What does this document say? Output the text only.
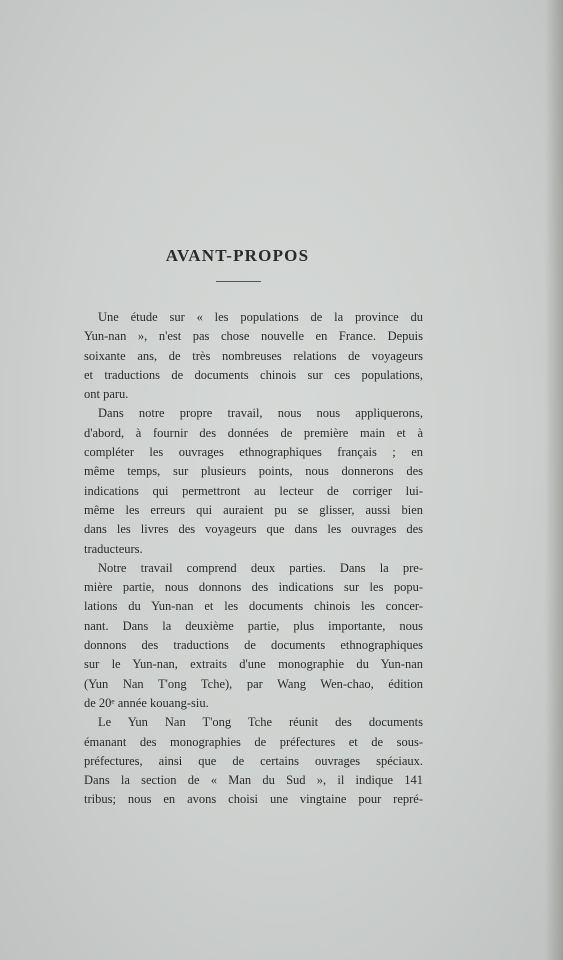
AVANT-PROPOS

Une étude sur « les populations de la province du
Yun-nan », n'est pas chose nouvelle en France. Depuis
soixante ans, de très nombreuses relations de voyageurs
et traductions de documents chinois sur ces populations,
ont paru.

Dans notre propre travail, nous nous appliquerons,
d'abord, à fournir des données de première main et à
compléter les ouvrages ethnographiques français ; en
même temps, sur plusieurs points, nous donnerons des
indications qui permettront au lecteur de corriger lui-
même les erreurs qui auraient pu se glisser, aussi bien
dans les livres des voyageurs que dans les ouvrages des
traducteurs.

Notre travail comprend deux parties. Dans la pre-
mière partie, nous donnons des indications sur les popu-
lations du Yun-nan et les documents chinois les concer-
nant. Dans la deuxième partie, plus importante, nous
donnons des traductions de documents ethnographiques
sur le Yun-nan, extraits d'une monographie du Yun-nan
(Yun Nan T'ong Tche), par Wang Wen-chao, édition
de 20ᵉ année kouang-siu.

Le Yun Nan T'ong Tche réunit des documents
émanant des monographies de préfectures et de sous-
préfectures, ainsi que de certains ouvrages spéciaux.
Dans la section de « Man du Sud », il indique 141
tribus; nous en avons choisi une vingtaine pour repré-
